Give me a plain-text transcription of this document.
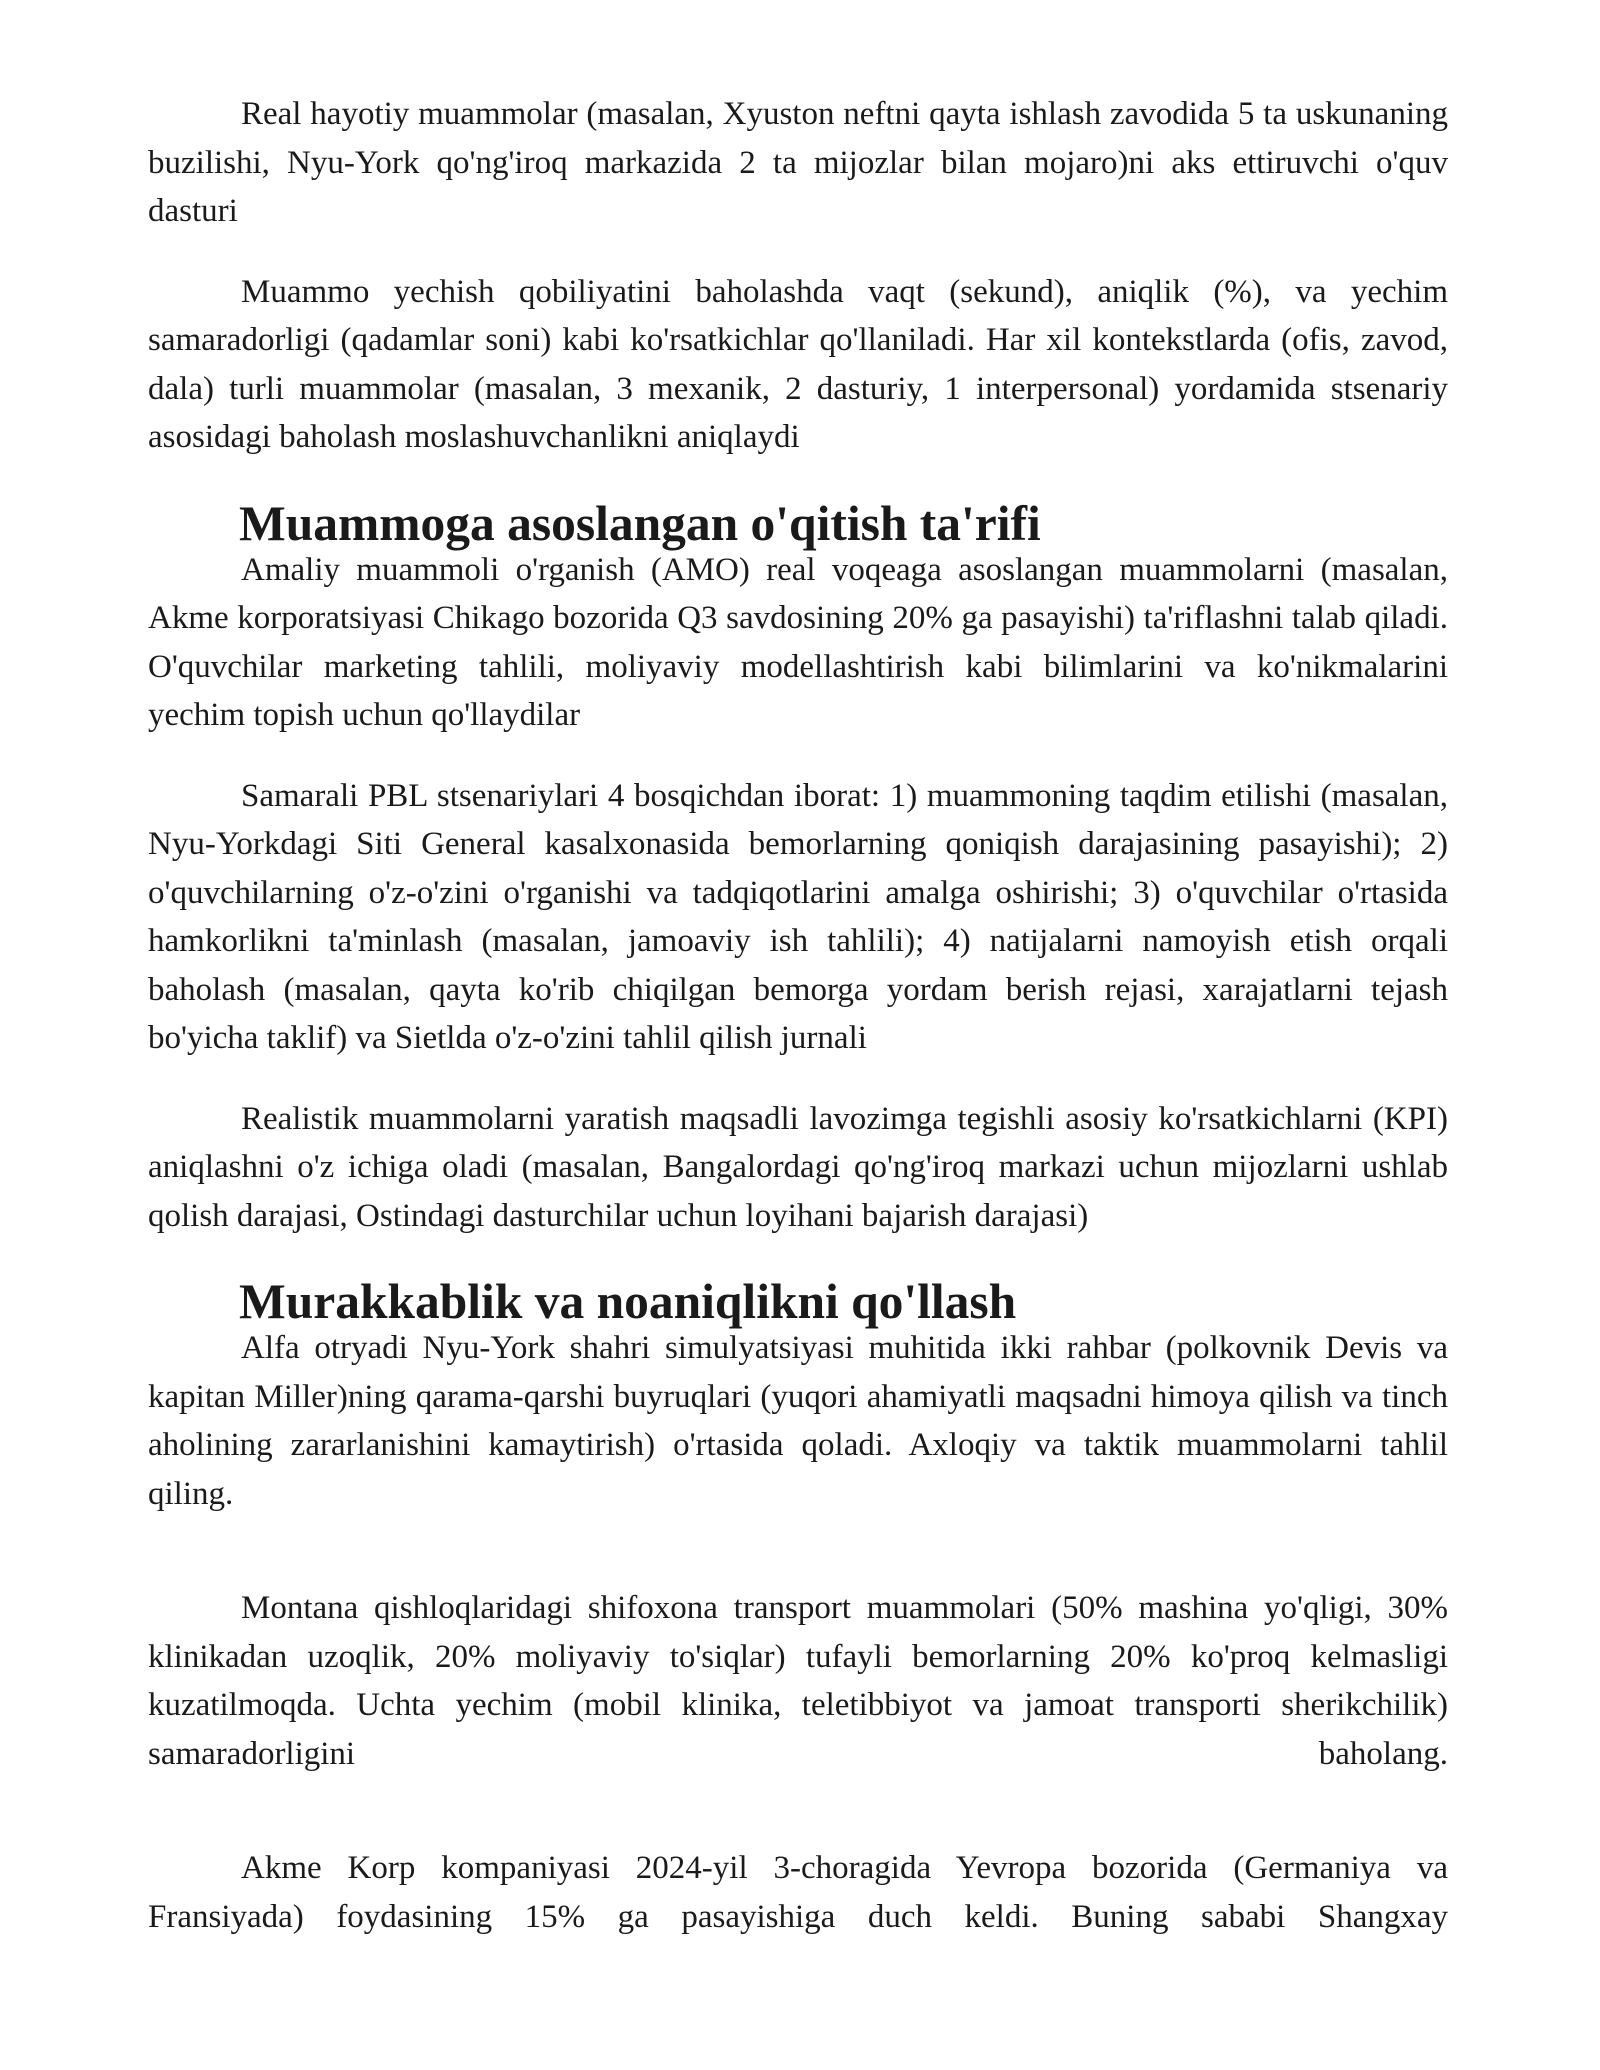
Real hayotiy muammolar (masalan, Xyuston neftni qayta ishlash zavodida 5 ta uskunaning buzilishi, Nyu-York qo'ng'iroq markazida 2 ta mijozlar bilan mojaro)ni aks ettiruvchi o'quv dasturi

Muammo yechish qobiliyatini baholashda vaqt (sekund), aniqlik (%), va yechim samaradorligi (qadamlar soni) kabi ko'rsatkichlar qo'llaniladi. Har xil kontekstlarda (ofis, zavod, dala) turli muammolar (masalan, 3 mexanik, 2 dasturiy, 1 interpersonal) yordamida stsenariy asosidagi baholash moslashuvchanlikni aniqlaydi

Muammoga asoslangan o'qitish ta'rifi

Amaliy muammoli o'rganish (AMO) real voqeaga asoslangan muammolarni (masalan, Akme korporatsiyasi Chikago bozorida Q3 savdosining 20% ga pasayishi) ta'riflashni talab qiladi. O'quvchilar marketing tahlili, moliyaviy modellashtirish kabi bilimlarini va ko'nikmalarini yechim topish uchun qo'llaydilar

Samarali PBL stsenariylari 4 bosqichdan iborat: 1) muammoning taqdim etilishi (masalan, Nyu-Yorkdagi Siti General kasalxonasida bemorlarning qoniqish darajasining pasayishi); 2) o'quvchilarning o'z-o'zini o'rganishi va tadqiqotlarini amalga oshirishi; 3) o'quvchilar o'rtasida hamkorlikni ta'minlash (masalan, jamoaviy ish tahlili); 4) natijalarni namoyish etish orqali baholash (masalan, qayta ko'rib chiqilgan bemorga yordam berish rejasi, xarajatlarni tejash bo'yicha taklif) va Sietlda o'z-o'zini tahlil qilish jurnali

Realistik muammolarni yaratish maqsadli lavozimga tegishli asosiy ko'rsatkichlarni (KPI) aniqlashni o'z ichiga oladi (masalan, Bangalordagi qo'ng'iroq markazi uchun mijozlarni ushlab qolish darajasi, Ostindagi dasturchilar uchun loyihani bajarish darajasi)

Murakkablik va noaniqlikni qo'llash

Alfa otryadi Nyu-York shahri simulyatsiyasi muhitida ikki rahbar (polkovnik Devis va kapitan Miller)ning qarama-qarshi buyruqlari (yuqori ahamiyatli maqsadni himoya qilish va tinch aholining zararlanishini kamaytirish) o'rtasida qoladi. Axloqiy va taktik muammolarni tahlil qiling.

Montana qishloqlaridagi shifoxona transport muammolari (50% mashina yo'qligi, 30% klinikadan uzoqlik, 20% moliyaviy to'siqlar) tufayli bemorlarning 20% ko'proq kelmasligi kuzatilmoqda. Uchta yechim (mobil klinika, teletibbiyot va jamoat transporti sherikchilik) samaradorligini baholang.

Akme Korp kompaniyasi 2024-yil 3-choragida Yevropa bozorida (Germaniya va Fransiyada) foydasining 15% ga pasayishiga duch keldi. Buning sababi Shangxay
